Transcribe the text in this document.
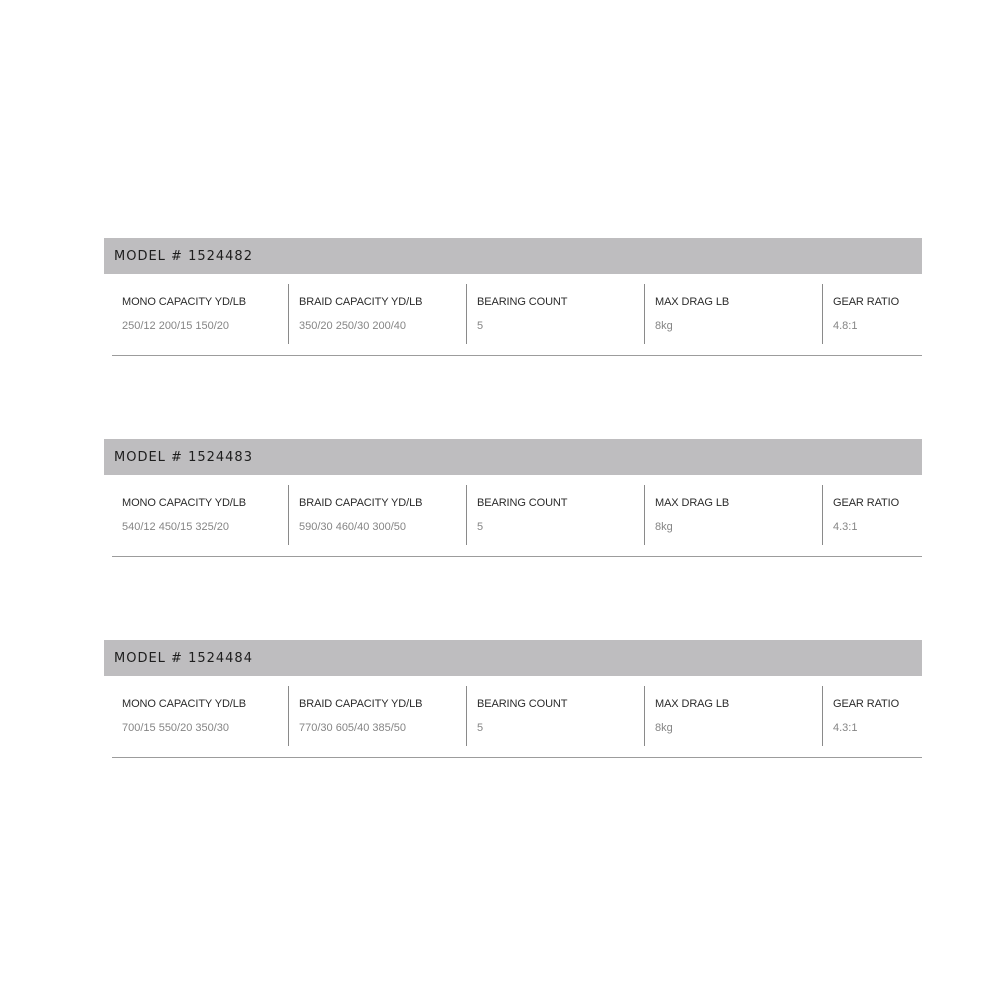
MODEL # 1524482
MONO CAPACITY YD/LB
250/12 200/15 150/20
BRAID CAPACITY YD/LB
350/20 250/30 200/40
BEARING COUNT
5
MAX DRAG LB
8kg
GEAR RATIO
4.8:1
MODEL # 1524483
MONO CAPACITY YD/LB
540/12 450/15 325/20
BRAID CAPACITY YD/LB
590/30 460/40 300/50
BEARING COUNT
5
MAX DRAG LB
8kg
GEAR RATIO
4.3:1
MODEL # 1524484
MONO CAPACITY YD/LB
700/15 550/20 350/30
BRAID CAPACITY YD/LB
770/30 605/40 385/50
BEARING COUNT
5
MAX DRAG LB
8kg
GEAR RATIO
4.3:1
